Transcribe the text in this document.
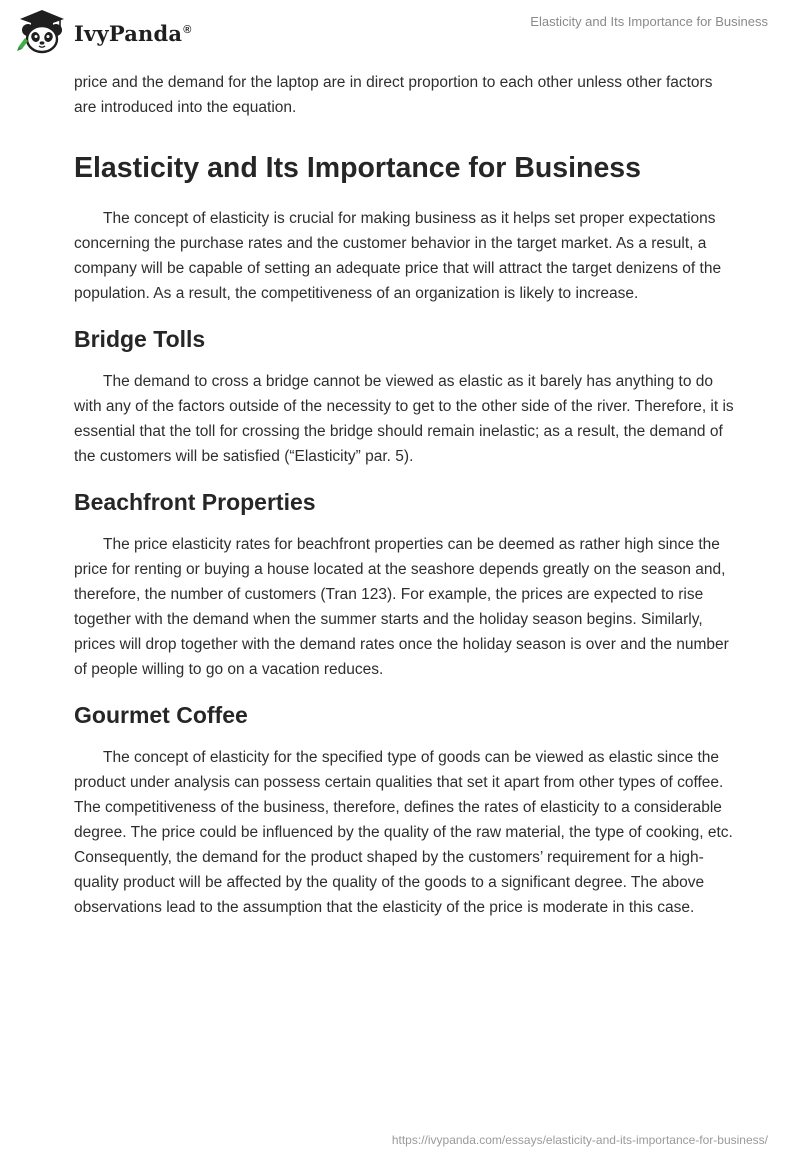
IvyPanda®
Elasticity and Its Importance for Business

price and the demand for the laptop are in direct proportion to each other unless other factors are introduced into the equation.

Elasticity and Its Importance for Business

The concept of elasticity is crucial for making business as it helps set proper expectations concerning the purchase rates and the customer behavior in the target market. As a result, a company will be capable of setting an adequate price that will attract the target denizens of the population. As a result, the competitiveness of an organization is likely to increase.

Bridge Tolls

The demand to cross a bridge cannot be viewed as elastic as it barely has anything to do with any of the factors outside of the necessity to get to the other side of the river. Therefore, it is essential that the toll for crossing the bridge should remain inelastic; as a result, the demand of the customers will be satisfied (“Elasticity” par. 5).

Beachfront Properties

The price elasticity rates for beachfront properties can be deemed as rather high since the price for renting or buying a house located at the seashore depends greatly on the season and, therefore, the number of customers (Tran 123). For example, the prices are expected to rise together with the demand when the summer starts and the holiday season begins. Similarly, prices will drop together with the demand rates once the holiday season is over and the number of people willing to go on a vacation reduces.

Gourmet Coffee

The concept of elasticity for the specified type of goods can be viewed as elastic since the product under analysis can possess certain qualities that set it apart from other types of coffee. The competitiveness of the business, therefore, defines the rates of elasticity to a considerable degree. The price could be influenced by the quality of the raw material, the type of cooking, etc. Consequently, the demand for the product shaped by the customers’ requirement for a high-quality product will be affected by the quality of the goods to a significant degree. The above observations lead to the assumption that the elasticity of the price is moderate in this case.

https://ivypanda.com/essays/elasticity-and-its-importance-for-business/
